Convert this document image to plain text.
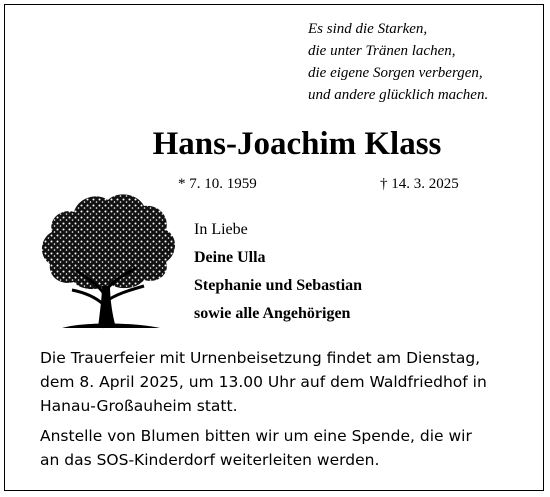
Es sind die Starken,
die unter Tränen lachen,
die eigene Sorgen verbergen,
und andere glücklich machen.
Hans-Joachim Klass
* 7. 10. 1959	† 14. 3. 2025
In Liebe
Deine Ulla
Stephanie und Sebastian
sowie alle Angehörigen
Die Trauerfeier mit Urnenbeisetzung findet am Dienstag,
dem 8. April 2025, um 13.00 Uhr auf dem Waldfriedhof in
Hanau-Großauheim statt.
Anstelle von Blumen bitten wir um eine Spende, die wir
an das SOS-Kinderdorf weiterleiten werden.
